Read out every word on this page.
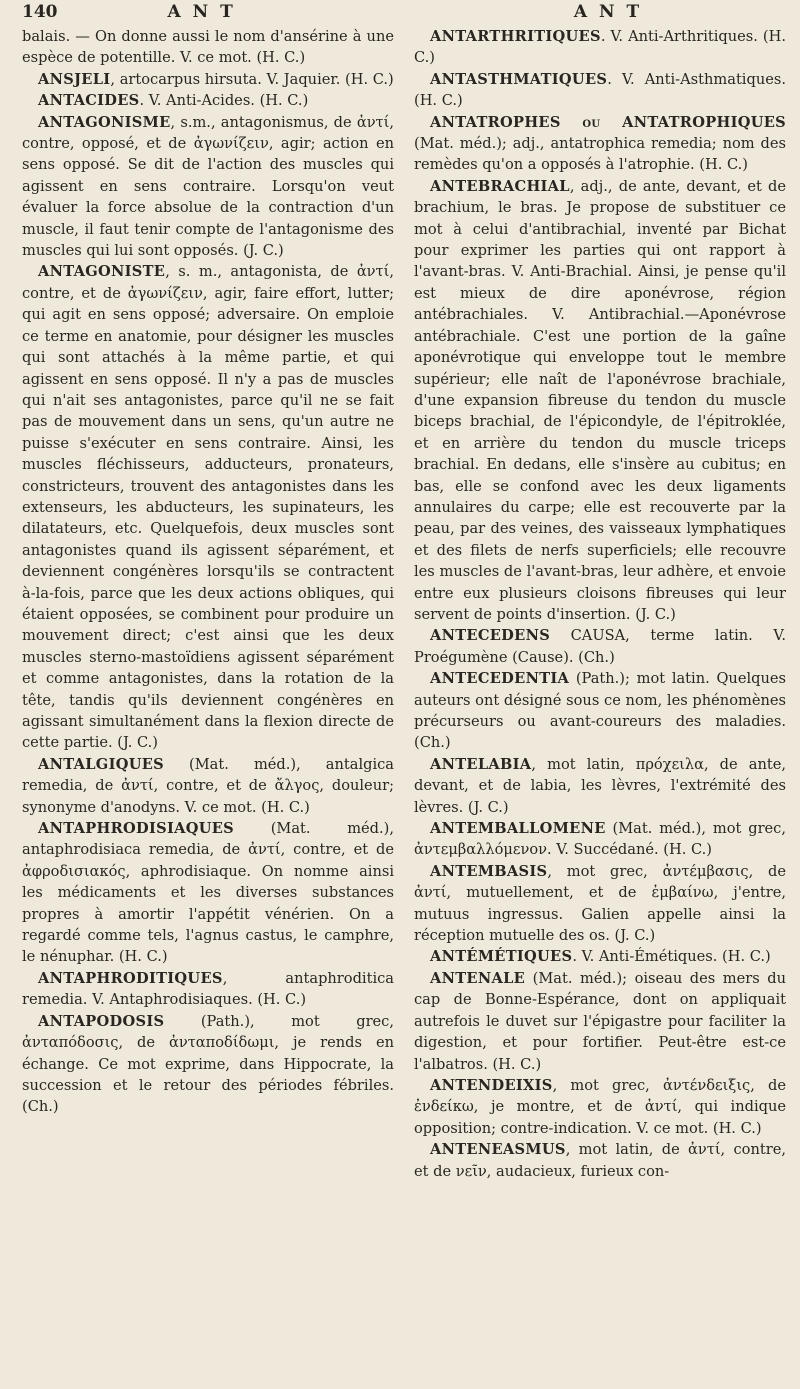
140	A N T	A N T

balais. — On donne aussi le nom d'ansérine à une espèce de potentille. V. ce mot. (H. C.)

ANSJELI, artocarpus hirsuta. V. Jaquier. (H. C.)

ANTACIDES. V. Anti-Acides. (H. C.)

ANTAGONISME, s.m., antagonismus, de ἀντί, contre, opposé, et de ἀγωνίζειν, agir; action en sens opposé. Se dit de l'action des muscles qui agissent en sens contraire. Lorsqu'on veut évaluer la force absolue de la contraction d'un muscle, il faut tenir compte de l'antagonisme des muscles qui lui sont opposés. (J. C.)

ANTAGONISTE, s. m., antagonista, de ἀντί, contre, et de ἀγωνίζειν, agir, faire effort, lutter; qui agit en sens opposé; adversaire. On emploie ce terme en anatomie, pour désigner les muscles qui sont attachés à la même partie, et qui agissent en sens opposé. Il n'y a pas de muscles qui n'ait ses antagonistes, parce qu'il ne se fait pas de mouvement dans un sens, qu'un autre ne puisse s'exécuter en sens contraire. Ainsi, les muscles fléchisseurs, adducteurs, pronateurs, constricteurs, trouvent des antagonistes dans les extenseurs, les abducteurs, les supinateurs, les dilatateurs, etc. Quelquefois, deux muscles sont antagonistes quand ils agissent séparément, et deviennent congénères lorsqu'ils se contractent à-la-fois, parce que les deux actions obliques, qui étaient opposées, se combinent pour produire un mouvement direct; c'est ainsi que les deux muscles sterno-mastoïdiens agissent séparément et comme antagonistes, dans la rotation de la tête, tandis qu'ils deviennent congénères en agissant simultanément dans la flexion directe de cette partie. (J. C.)

ANTALGIQUES (Mat. méd.), antalgica remedia, de ἀντί, contre, et de ἄλγος, douleur; synonyme d'anodyns. V. ce mot. (H. C.)

ANTAPHRODISIAQUES (Mat. méd.), antaphrodisiaca remedia, de ἀντί, contre, et de ἀφροδισιακός, aphrodisiaque. On nomme ainsi les médicaments et les diverses substances propres à amortir l'appétit vénérien. On a regardé comme tels, l'agnus castus, le camphre, le nénuphar. (H. C.)

ANTAPHRODITIQUES, antaphroditica remedia. V. Antaphrodisiaques. (H. C.)

ANTAPODOSIS (Path.), mot grec, ἀνταπόδοσις, de ἀνταποδίδωμι, je rends en échange. Ce mot exprime, dans Hippocrate, la succession et le retour des périodes fébriles. (Ch.)

ANTARTHRITIQUES. V. Anti-Arthritiques. (H. C.)

ANTASTHMATIQUES. V. Anti-Asthmatiques. (H. C.)

ANTATROPHES ou ANTATROPHIQUES (Mat. méd.); adj., antatrophica remedia; nom des remèdes qu'on a opposés à l'atrophie. (H. C.)

ANTEBRACHIAL, adj., de ante, devant, et de brachium, le bras. Je propose de substituer ce mot à celui d'antibrachial, inventé par Bichat pour exprimer les parties qui ont rapport à l'avant-bras. V. Anti-Brachial. Ainsi, je pense qu'il est mieux de dire aponévrose, région antébrachiales. V. Antibrachial.—Aponévrose antébrachiale. C'est une portion de la gaîne aponévrotique qui enveloppe tout le membre supérieur; elle naît de l'aponévrose brachiale, d'une expansion fibreuse du tendon du muscle biceps brachial, de l'épicondyle, de l'épitroklée, et en arrière du tendon du muscle triceps brachial. En dedans, elle s'insère au cubitus; en bas, elle se confond avec les deux ligaments annulaires du carpe; elle est recouverte par la peau, par des veines, des vaisseaux lymphatiques et des filets de nerfs superficiels; elle recouvre les muscles de l'avant-bras, leur adhère, et envoie entre eux plusieurs cloisons fibreuses qui leur servent de points d'insertion. (J. C.)

ANTECEDENS CAUSA, terme latin. V. Proégumène (Cause). (Ch.)

ANTECEDENTIA (Path.); mot latin. Quelques auteurs ont désigné sous ce nom, les phénomènes précurseurs ou avant-coureurs des maladies. (Ch.)

ANTELABIA, mot latin, πρόχειλα, de ante, devant, et de labia, les lèvres, l'extrémité des lèvres. (J. C.)

ANTEMBALLOMENE (Mat. méd.), mot grec, ἀντεμβαλλόμενον. V. Succédané. (H. C.)

ANTEMBASIS, mot grec, ἀντέμβασις, de ἀντί, mutuellement, et de ἐμβαίνω, j'entre, mutuus ingressus. Galien appelle ainsi la réception mutuelle des os. (J. C.)

ANTÉMÉTIQUES. V. Anti-Émétiques. (H. C.)

ANTENALE (Mat. méd.); oiseau des mers du cap de Bonne-Espérance, dont on appliquait autrefois le duvet sur l'épigastre pour faciliter la digestion, et pour fortifier. Peut-être est-ce l'albatros. (H. C.)

ANTENDEIXIS, mot grec, ἀντένδειξις, de ἐνδείκω, je montre, et de ἀντί, qui indique opposition; contre-indication. V. ce mot. (H. C.)

ANTENEASMUS, mot latin, de ἀντί, contre, et de νεῖν, audacieux, furieux con-
